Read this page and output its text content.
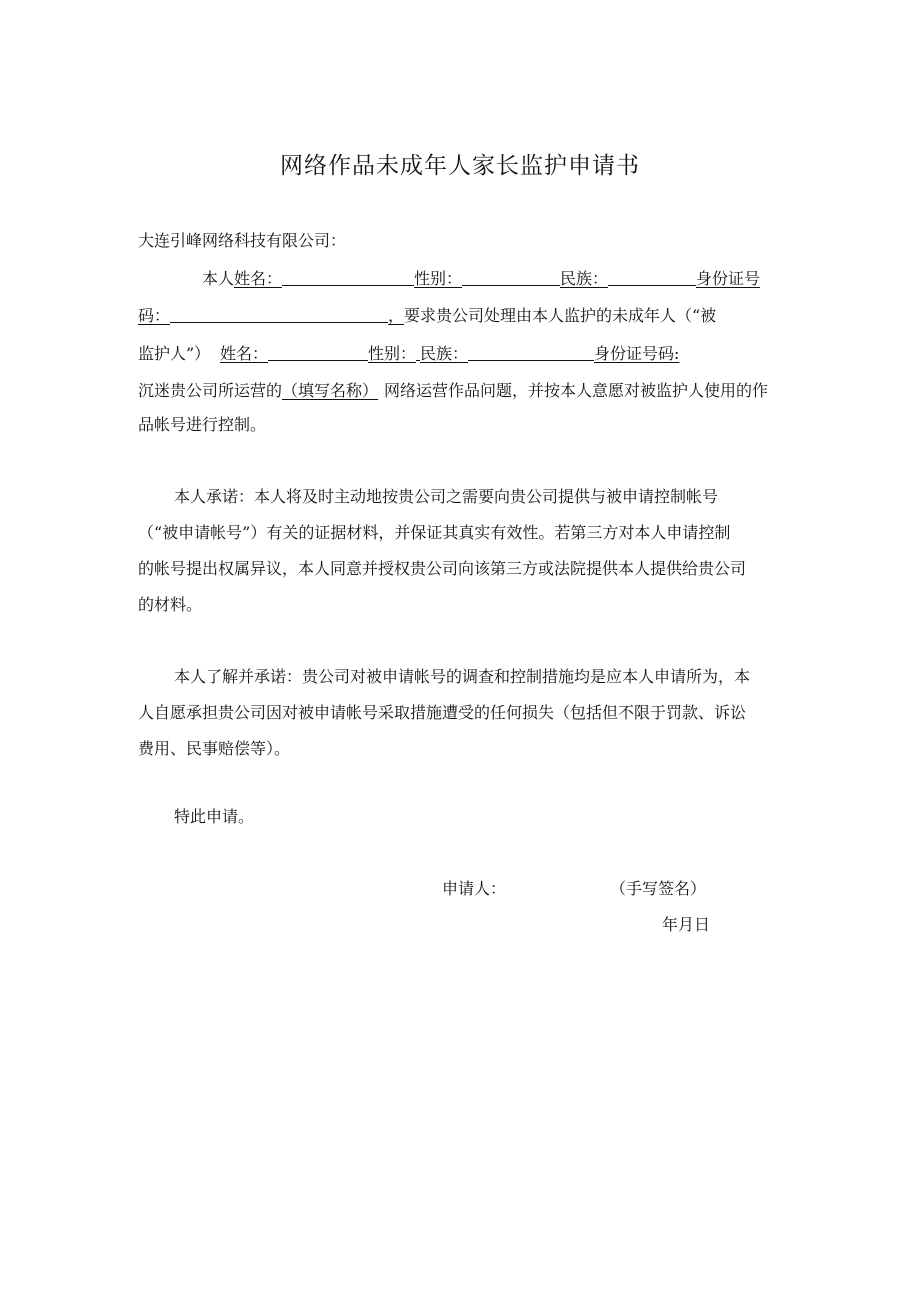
网络作品未成年人家长监护申请书
大连引峰网络科技有限公司：
本人姓名：	性别：	民族：	身份证号
码：	， 要求贵公司处理由本人监护的未成年人（“被
监护人”） 姓名：	性别： 民族：	身份证号码:
沉迷贵公司所运营的 （填写名称） 网络运营作品问题，并按本人意愿对被监护人使用的作
品帐号进行控制。
本人承诺：本人将及时主动地按贵公司之需要向贵公司提供与被申请控制帐号
（“被申请帐号”）有关的证据材料，并保证其真实有效性。若第三方对本人申请控制
的帐号提出权属异议，本人同意并授权贵公司向该第三方或法院提供本人提供给贵公司
的材料。
本人了解并承诺：贵公司对被申请帐号的调查和控制措施均是应本人申请所为，本
人自愿承担贵公司因对被申请帐号采取措施遭受的任何损失（包括但不限于罚款、诉讼
费用、民事赔偿等）。
特此申请。
申请人：	（手写签名）
年月日
